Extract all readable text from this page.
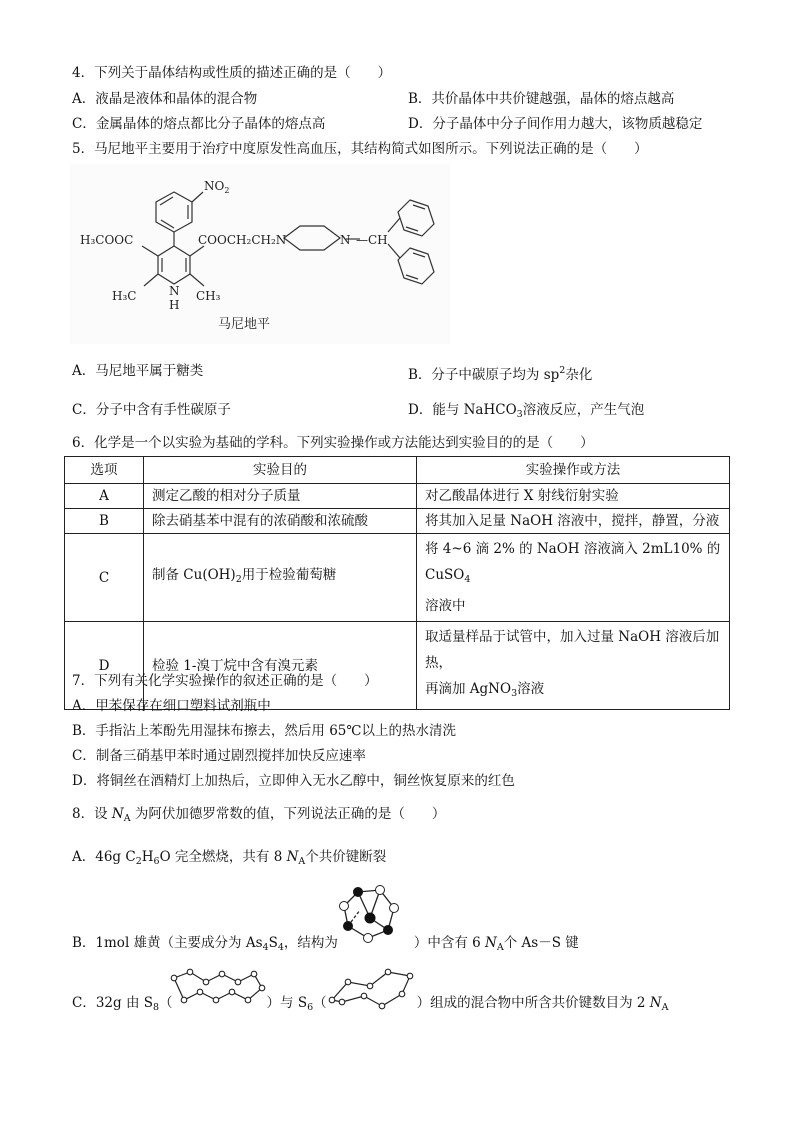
4．下列关于晶体结构或性质的描述正确的是（　　）
A．液晶是液体和晶体的混合物	B．共价晶体中共价键越强，晶体的熔点越高
C．金属晶体的熔点都比分子晶体的熔点高	D．分子晶体中分子间作用力越大，该物质越稳定
5．马尼地平主要用于治疗中度原发性高血压，其结构简式如图所示。下列说法正确的是（　　）
$NO_2$
H₃COOC	COOCH₂CH₂N	N —CH
N
H
H₃C	CH₃
马尼地平
A．马尼地平属于糖类	B．分子中碳原子均为 $sp^2$杂化
C．分子中含有手性碳原子	D．能与 NaHCO$_3$溶液反应，产生气泡
6．化学是一个以实验为基础的学科。下列实验操作或方法能达到实验目的的是（　　）
选项	实验目的	实验操作或方法
A	测定乙酸的相对分子质量	对乙酸晶体进行 X 射线衍射实验
B	除去硝基苯中混有的浓硝酸和浓硫酸	将其加入足量 NaOH 溶液中，搅拌，静置，分液
C	制备 $Cu(OH)_2$用于检验葡萄糖	将 4~6 滴 2% 的 NaOH 溶液滴入 2mL10% 的 CuSO$_4$
溶液中

D	检验 1-溴丁烷中含有溴元素	取适量样品于试管中，加入过量 NaOH 溶液后加热，
再滴加 AgNO$_3$溶液
7．下列有关化学实验操作的叙述正确的是（　　）
A．甲苯保存在细口塑料试剂瓶中
B．手指沾上苯酚先用湿抹布擦去，然后用 65℃以上的热水清洗
C．制备三硝基甲苯时通过剧烈搅拌加快反应速率
D．将铜丝在酒精灯上加热后，立即伸入无水乙醇中，铜丝恢复原来的红色
8．设 $N_A$ 为阿伏加德罗常数的值，下列说法正确的是（　　）
A．46g $C_2H_6O$ 完全燃烧，共有 8 $N_A$个共价键断裂
B．1mol 雄黄（主要成分为 $As_4S_4$，结构为	）中含有 6 $N_A$个 As－S 键
C．32g 由 $S_8$（	）与 $S_6$（	）组成的混合物中所含共价键数目为 2 $N_A$
